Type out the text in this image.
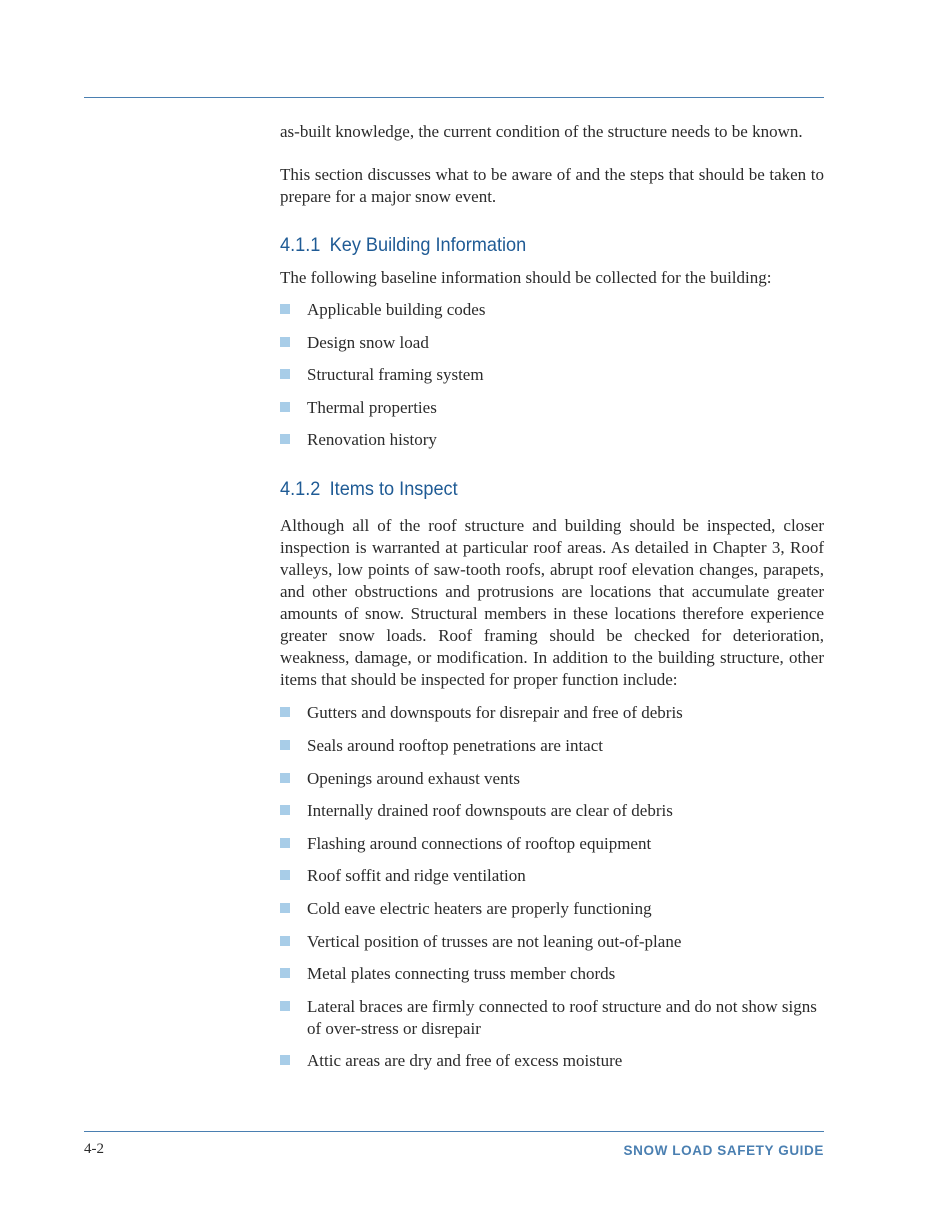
as-built knowledge, the current condition of the structure needs to be known.

This section discusses what to be aware of and the steps that should be taken to prepare for a major snow event.

4.1.1 Key Building Information

The following baseline information should be collected for the building:

Applicable building codes
Design snow load
Structural framing system
Thermal properties
Renovation history
4.1.2 Items to Inspect

Although all of the roof structure and building should be inspected, closer inspection is warranted at particular roof areas. As detailed in Chapter 3, Roof valleys, low points of saw-tooth roofs, abrupt roof elevation changes, parapets, and other obstructions and protrusions are locations that accumulate greater amounts of snow. Structural members in these locations therefore experience greater snow loads. Roof framing should be checked for deterioration, weakness, damage, or modification. In addition to the building structure, other items that should be inspected for proper function include:

Gutters and downspouts for disrepair and free of debris
Seals around rooftop penetrations are intact
Openings around exhaust vents
Internally drained roof downspouts are clear of debris
Flashing around connections of rooftop equipment
Roof soffit and ridge ventilation
Cold eave electric heaters are properly functioning
Vertical position of trusses are not leaning out-of-plane
Metal plates connecting truss member chords
Lateral braces are firmly connected to roof structure and do not show signs of over-stress or disrepair
Attic areas are dry and free of excess moisture
4-2	SNOW LOAD SAFETY GUIDE
